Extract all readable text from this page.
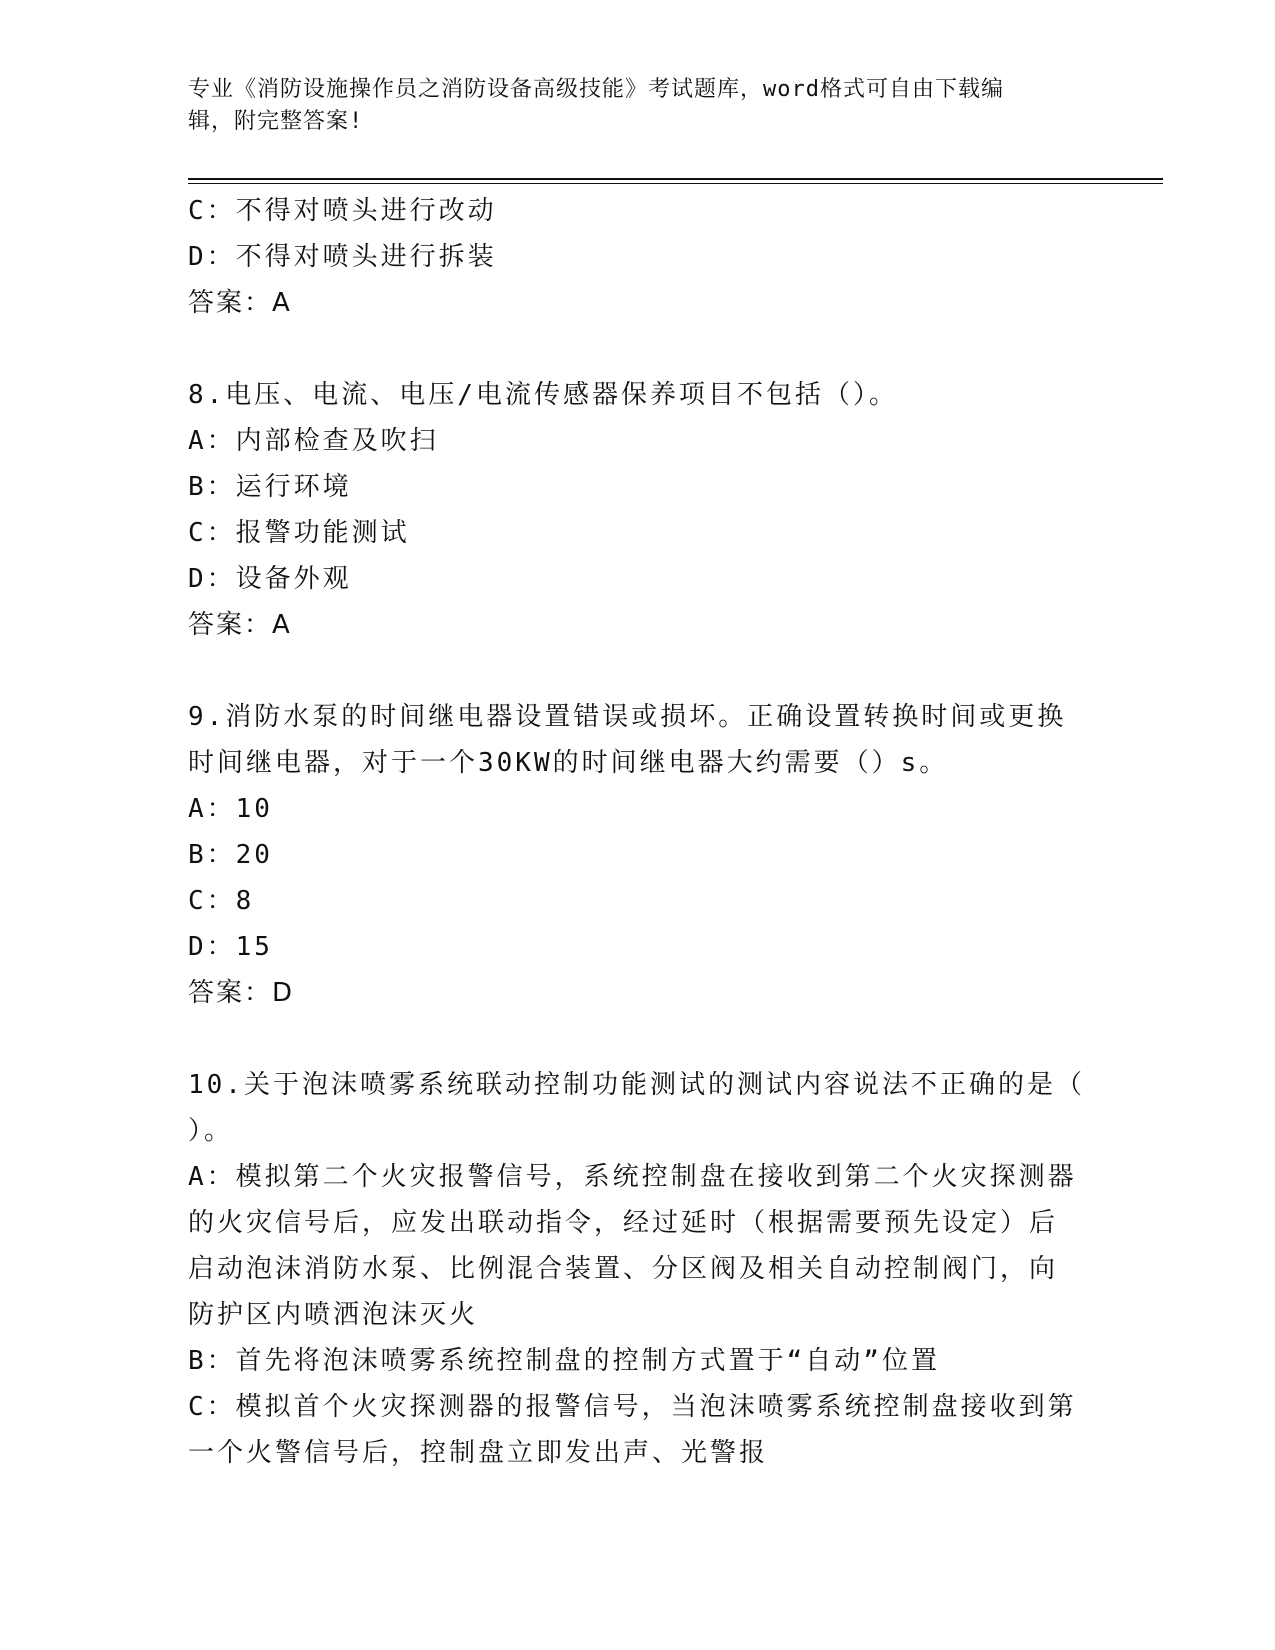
专业《消防设施操作员之消防设备高级技能》考试题库，word格式可自由下载编
辑，附完整答案!
C：不得对喷头进行改动
D：不得对喷头进行拆装
答案：A
8.电压、电流、电压/电流传感器保养项目不包括（）。
A：内部检查及吹扫
B：运行环境
C：报警功能测试
D：设备外观
答案：A
9.消防水泵的时间继电器设置错误或损坏。正确设置转换时间或更换
时间继电器，对于一个30KW的时间继电器大约需要（）s。
A：10
B：20
C：8
D：15
答案：D
10.关于泡沫喷雾系统联动控制功能测试的测试内容说法不正确的是（
）。
A：模拟第二个火灾报警信号，系统控制盘在接收到第二个火灾探测器
的火灾信号后，应发出联动指令，经过延时（根据需要预先设定）后
启动泡沫消防水泵、比例混合装置、分区阀及相关自动控制阀门，向
防护区内喷洒泡沫灭火
B：首先将泡沫喷雾系统控制盘的控制方式置于“自动”位置
C：模拟首个火灾探测器的报警信号，当泡沫喷雾系统控制盘接收到第
一个火警信号后，控制盘立即发出声、光警报
